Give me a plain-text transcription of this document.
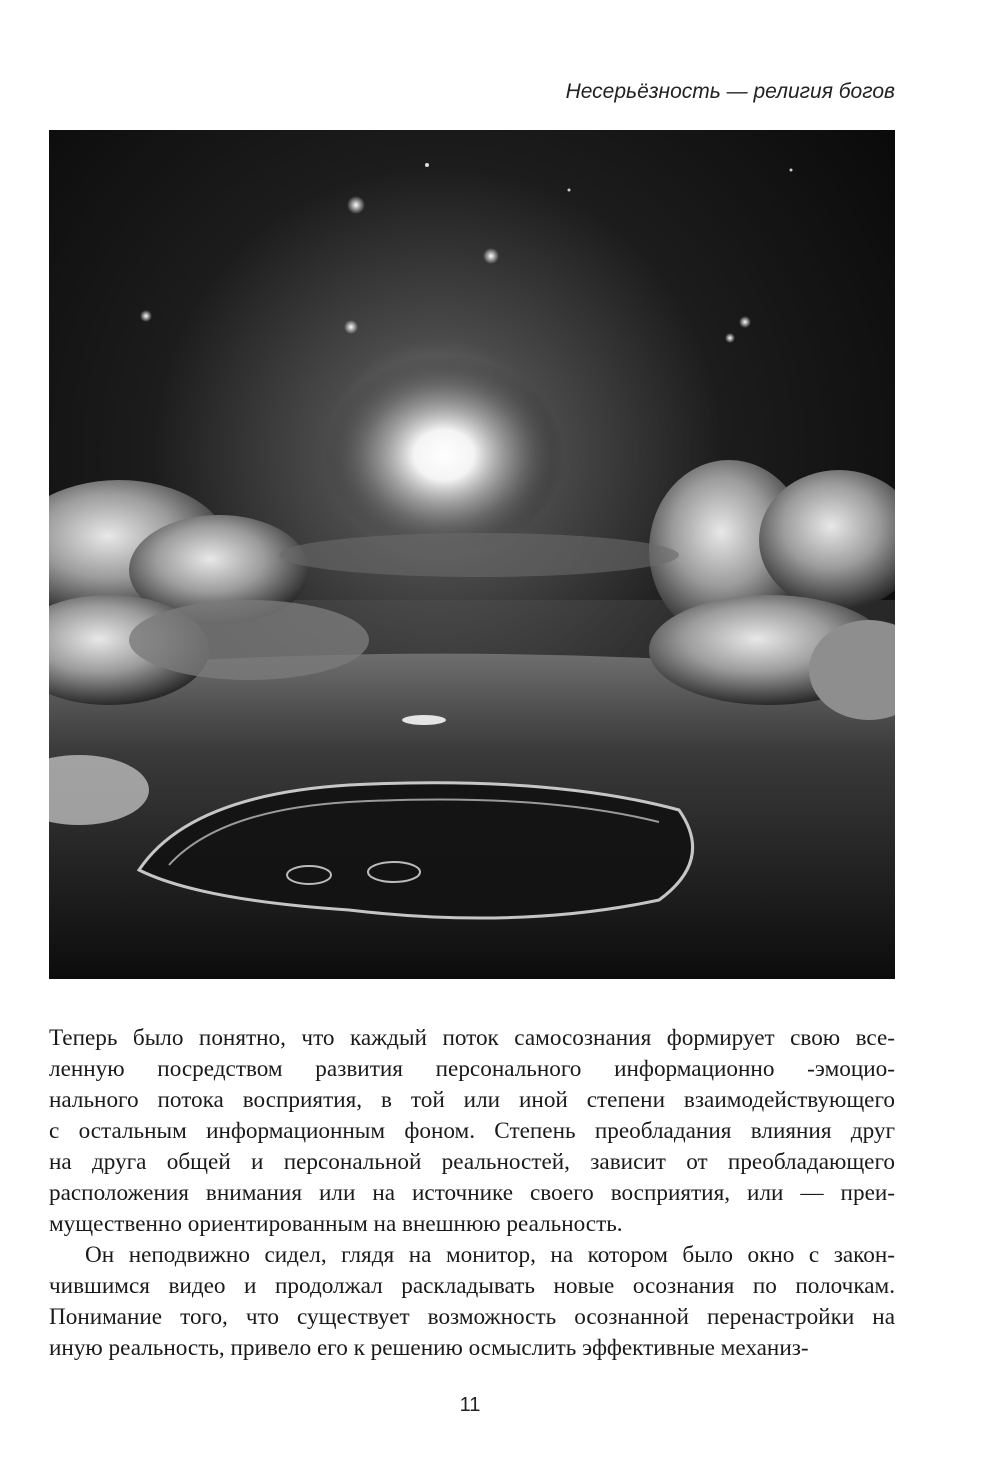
Несерьёзность — религия богов
Теперь было понятно, что каждый поток самосознания формирует свою все-
ленную посредством развития персонального информационно -эмоцио-
нального потока восприятия, в той или иной степени взаимодействующего
с остальным информационным фоном. Степень преобладания влияния друг
на друга общей и персональной реальностей, зависит от преобладающего
расположения внимания или на источнике своего восприятия, или — преи-
мущественно ориентированным на внешнюю реальность.
Он неподвижно сидел, глядя на монитор, на котором было окно с закон-
чившимся видео и продолжал раскладывать новые осознания по полочкам.
Понимание того, что существует возможность осознанной перенастройки на
иную реальность, привело его к решению осмыслить эффективные механиз-
11
